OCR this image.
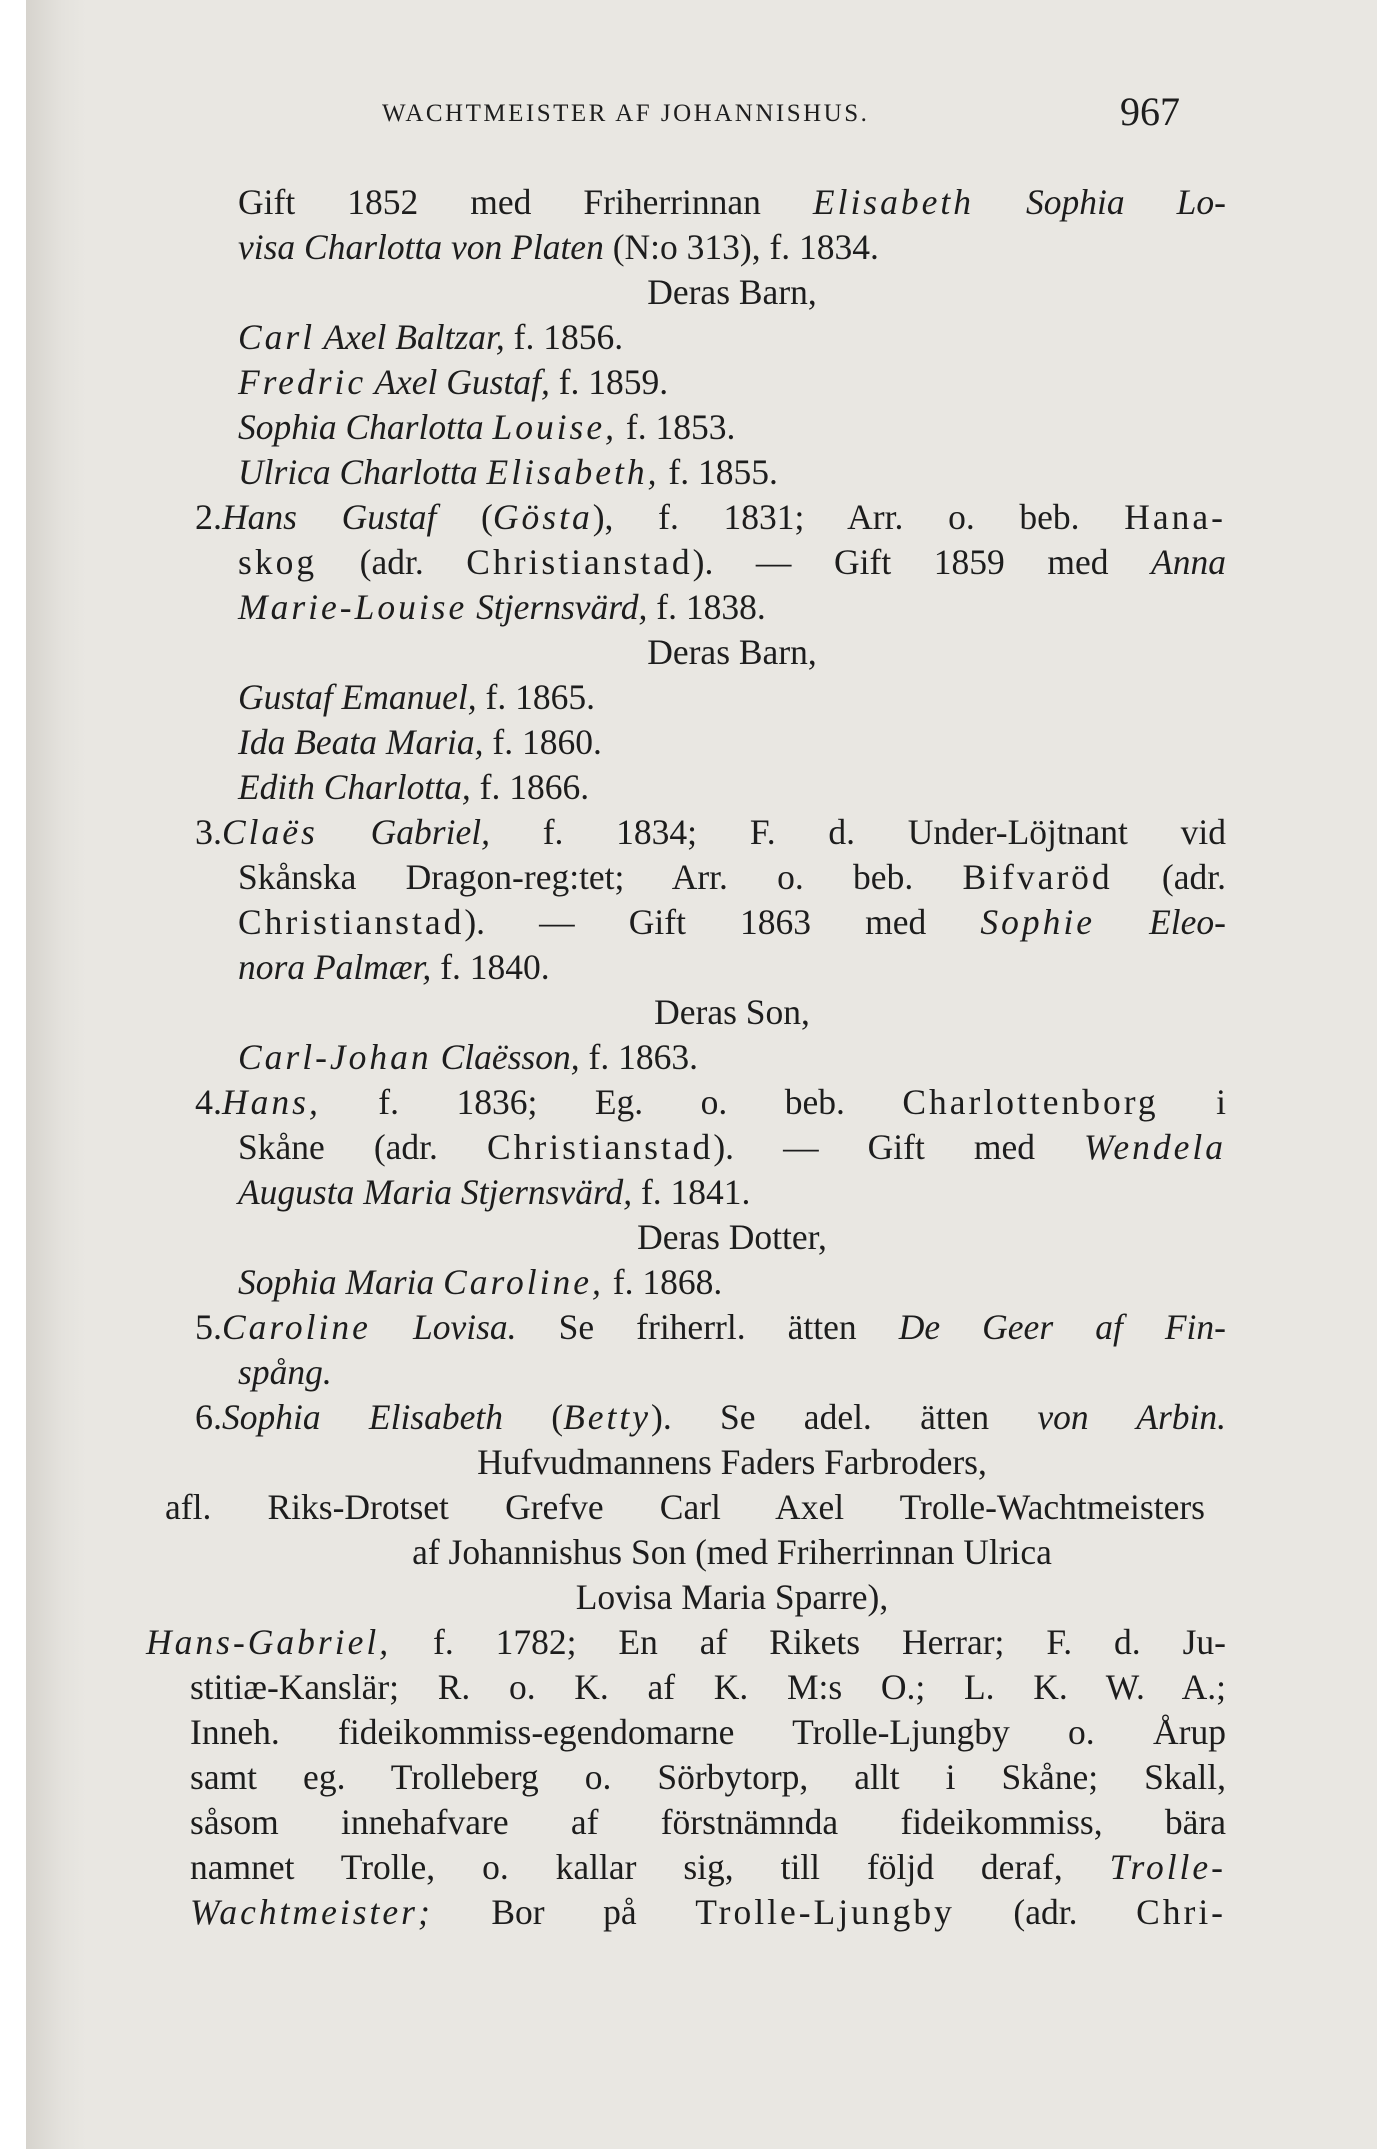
WACHTMEISTER AF JOHANNISHUS.	967
Gift 1852 med Friherrinnan Elisabeth Sophia Lo-
visa Charlotta von Platen (N:o 313), f. 1834.
Deras Barn,
Carl Axel Baltzar, f. 1856.
Fredric Axel Gustaf, f. 1859.
Sophia Charlotta Louise, f. 1853.
Ulrica Charlotta Elisabeth, f. 1855.
2.Hans Gustaf (Gösta), f. 1831; Arr. o. beb. Hana-
skog (adr. Christianstad). — Gift 1859 med Anna
Marie-Louise Stjernsvärd, f. 1838.
Deras Barn,
Gustaf Emanuel, f. 1865.
Ida Beata Maria, f. 1860.
Edith Charlotta, f. 1866.
3.Claës Gabriel, f. 1834; F. d. Under-Löjtnant vid
Skånska Dragon-reg:tet; Arr. o. beb. Bifvaröd (adr.
Christianstad). — Gift 1863 med Sophie Eleo-
nora Palmær, f. 1840.
Deras Son,
Carl-Johan Claësson, f. 1863.
4.Hans, f. 1836; Eg. o. beb. Charlottenborg i
Skåne (adr. Christianstad). — Gift med Wendela
Augusta Maria Stjernsvärd, f. 1841.
Deras Dotter,
Sophia Maria Caroline, f. 1868.
5.Caroline Lovisa. Se friherrl. ätten De Geer af Fin-
spång.
6.Sophia Elisabeth (Betty). Se adel. ätten von Arbin.
Hufvudmannens Faders Farbroders,
afl. Riks-Drotset Grefve Carl Axel Trolle-Wachtmeisters
af Johannishus Son (med Friherrinnan Ulrica
Lovisa Maria Sparre),
Hans-Gabriel, f. 1782; En af Rikets Herrar; F. d. Ju-
stitiæ-Kanslär; R. o. K. af K. M:s O.; L. K. W. A.;
Inneh. fideikommiss-egendomarne Trolle-Ljungby o. Årup
samt eg. Trolleberg o. Sörbytorp, allt i Skåne; Skall,
såsom innehafvare af förstnämnda fideikommiss, bära
namnet Trolle, o. kallar sig, till följd deraf, Trolle-
Wachtmeister; Bor på Trolle-Ljungby (adr. Chri-
